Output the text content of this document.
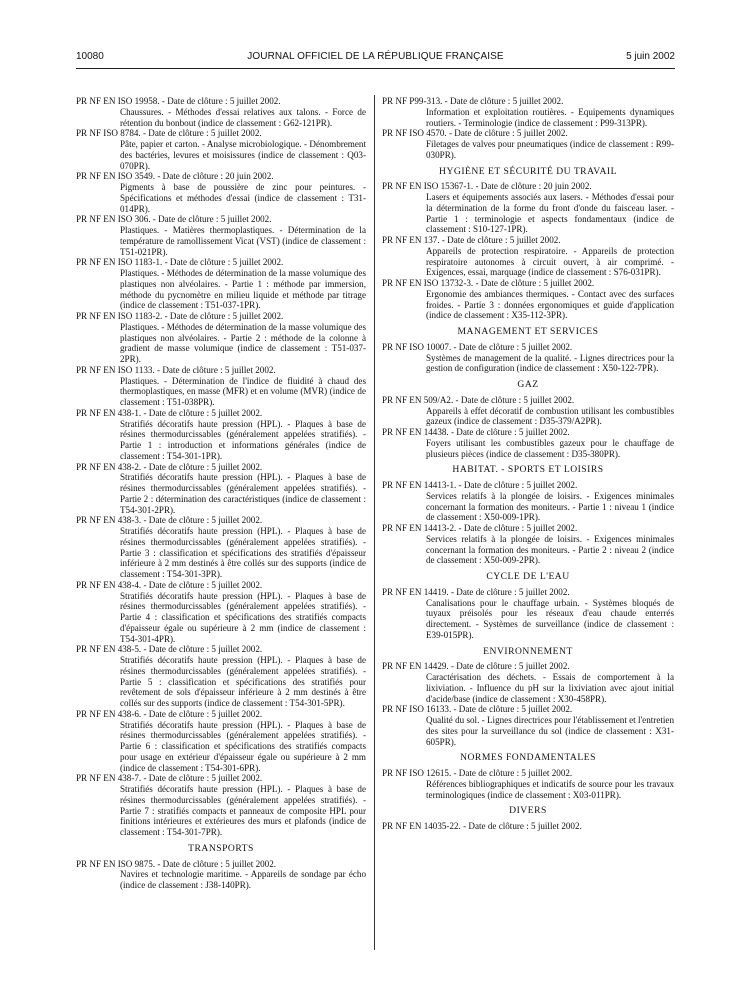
10080	JOURNAL OFFICIEL DE LA RÉPUBLIQUE FRANÇAISE	5 juin 2002
PR NF EN ISO 19958. - Date de clôture : 5 juillet 2002.
Chaussures. - Méthodes d'essai relatives aux talons. - Force de rétention du bonbout (indice de classement : G62-121PR).
PR NF ISO 8784. - Date de clôture : 5 juillet 2002.
Pâte, papier et carton. - Analyse microbiologique. - Dénombrement des bactéries, levures et moisissures (indice de classement : Q03-070PR).
PR NF EN ISO 3549. - Date de clôture : 20 juin 2002.
Pigments à base de poussière de zinc pour peintures. - Spécifications et méthodes d'essai (indice de classement : T31-014PR).
PR NF EN ISO 306. - Date de clôture : 5 juillet 2002.
Plastiques. - Matières thermoplastiques. - Détermination de la température de ramollissement Vicat (VST) (indice de classement : T51-021PR).
PR NF EN ISO 1183-1. - Date de clôture : 5 juillet 2002.
Plastiques. - Méthodes de détermination de la masse volumique des plastiques non alvéolaires. - Partie 1 : méthode par immersion, méthode du pycnomètre en milieu liquide et méthode par titrage (indice de classement : T51-037-1PR).
PR NF EN ISO 1183-2. - Date de clôture : 5 juillet 2002.
Plastiques. - Méthodes de détermination de la masse volumique des plastiques non alvéolaires. - Partie 2 : méthode de la colonne à gradient de masse volumique (indice de classement : T51-037-2PR).
PR NF EN ISO 1133. - Date de clôture : 5 juillet 2002.
Plastiques. - Détermination de l'indice de fluidité à chaud des thermoplastiques, en masse (MFR) et en volume (MVR) (indice de classement : T51-038PR).
PR NF EN 438-1. - Date de clôture : 5 juillet 2002.
Stratifiés décoratifs haute pression (HPL). - Plaques à base de résines thermodurcissables (généralement appelées stratifiés). - Partie 1 : introduction et informations générales (indice de classement : T54-301-1PR).
PR NF EN 438-2. - Date de clôture : 5 juillet 2002.
Stratifiés décoratifs haute pression (HPL). - Plaques à base de résines thermodurcissables (généralement appelées stratifiés). - Partie 2 : détermination des caractéristiques (indice de classement : T54-301-2PR).
PR NF EN 438-3. - Date de clôture : 5 juillet 2002.
Stratifiés décoratifs haute pression (HPL). - Plaques à base de résines thermodurcissables (généralement appelées stratifiés). - Partie 3 : classification et spécifications des stratifiés d'épaisseur inférieure à 2 mm destinés à être collés sur des supports (indice de classement : T54-301-3PR).
PR NF EN 438-4. - Date de clôture : 5 juillet 2002.
Stratifiés décoratifs haute pression (HPL). - Plaques à base de résines thermodurcissables (généralement appelées stratifiés). - Partie 4 : classification et spécifications des stratifiés compacts d'épaisseur égale ou supérieure à 2 mm (indice de classement : T54-301-4PR).
PR NF EN 438-5. - Date de clôture : 5 juillet 2002.
Stratifiés décoratifs haute pression (HPL). - Plaques à base de résines thermodurcissables (généralement appelées stratifiés). - Partie 5 : classification et spécifications des stratifiés pour revêtement de sols d'épaisseur inférieure à 2 mm destinés à être collés sur des supports (indice de classement : T54-301-5PR).
PR NF EN 438-6. - Date de clôture : 5 juillet 2002.
Stratifiés décoratifs haute pression (HPL). - Plaques à base de résines thermodurcissables (généralement appelées stratifiés). - Partie 6 : classification et spécifications des stratifiés compacts pour usage en extérieur d'épaisseur égale ou supérieure à 2 mm (indice de classement : T54-301-6PR).
PR NF EN 438-7. - Date de clôture : 5 juillet 2002.
Stratifiés décoratifs haute pression (HPL). - Plaques à base de résines thermodurcissables (généralement appelées stratifiés). - Partie 7 : stratifiés compacts et panneaux de composite HPL pour finitions intérieures et extérieures des murs et plafonds (indice de classement : T54-301-7PR).
TRANSPORTS
PR NF EN ISO 9875. - Date de clôture : 5 juillet 2002.
Navires et technologie maritime. - Appareils de sondage par écho (indice de classement : J38-140PR).
PR NF P99-313. - Date de clôture : 5 juillet 2002.
Information et exploitation routières. - Equipements dynamiques routiers. - Terminologie (indice de classement : P99-313PR).
PR NF ISO 4570. - Date de clôture : 5 juillet 2002.
Filetages de valves pour pneumatiques (indice de classement : R99-030PR).
HYGIÈNE ET SÉCURITÉ DU TRAVAIL
PR NF EN ISO 15367-1. - Date de clôture : 20 juin 2002.
Lasers et équipements associés aux lasers. - Méthodes d'essai pour la détermination de la forme du front d'onde du faisceau laser. - Partie 1 : terminologie et aspects fondamentaux (indice de classement : S10-127-1PR).
PR NF EN 137. - Date de clôture : 5 juillet 2002.
Appareils de protection respiratoire. - Appareils de protection respiratoire autonomes à circuit ouvert, à air comprimé. - Exigences, essai, marquage (indice de classement : S76-031PR).
PR NF EN ISO 13732-3. - Date de clôture : 5 juillet 2002.
Ergonomie des ambiances thermiques. - Contact avec des surfaces froides. - Partie 3 : données ergonomiques et guide d'application (indice de classement : X35-112-3PR).
MANAGEMENT ET SERVICES
PR NF ISO 10007. - Date de clôture : 5 juillet 2002.
Systèmes de management de la qualité. - Lignes directrices pour la gestion de configuration (indice de classement : X50-122-7PR).
GAZ
PR NF EN 509/A2. - Date de clôture : 5 juillet 2002.
Appareils à effet décoratif de combustion utilisant les combustibles gazeux (indice de classement : D35-379/A2PR).
PR NF EN 14438. - Date de clôture : 5 juillet 2002.
Foyers utilisant les combustibles gazeux pour le chauffage de plusieurs pièces (indice de classement : D35-380PR).
HABITAT. - SPORTS ET LOISIRS
PR NF EN 14413-1. - Date de clôture : 5 juillet 2002.
Services relatifs à la plongée de loisirs. - Exigences minimales concernant la formation des moniteurs. - Partie 1 : niveau 1 (indice de classement : X50-009-1PR).
PR NF EN 14413-2. - Date de clôture : 5 juillet 2002.
Services relatifs à la plongée de loisirs. - Exigences minimales concernant la formation des moniteurs. - Partie 2 : niveau 2 (indice de classement : X50-009-2PR).
CYCLE DE L'EAU
PR NF EN 14419. - Date de clôture : 5 juillet 2002.
Canalisations pour le chauffage urbain. - Systèmes bloqués de tuyaux préisolés pour les réseaux d'eau chaude enterrés directement. - Systèmes de surveillance (indice de classement : E39-015PR).
ENVIRONNEMENT
PR NF EN 14429. - Date de clôture : 5 juillet 2002.
Caractérisation des déchets. - Essais de comportement à la lixiviation. - Influence du pH sur la lixiviation avec ajout initial d'acide/base (indice de classement : X30-458PR).
PR NF ISO 16133. - Date de clôture : 5 juillet 2002.
Qualité du sol. - Lignes directrices pour l'établissement et l'entretien des sites pour la surveillance du sol (indice de classement : X31-605PR).
NORMES FONDAMENTALES
PR NF ISO 12615. - Date de clôture : 5 juillet 2002.
Références bibliographiques et indicatifs de source pour les travaux terminologiques (indice de classement : X03-011PR).
DIVERS
PR NF EN 14035-22. - Date de clôture : 5 juillet 2002.
